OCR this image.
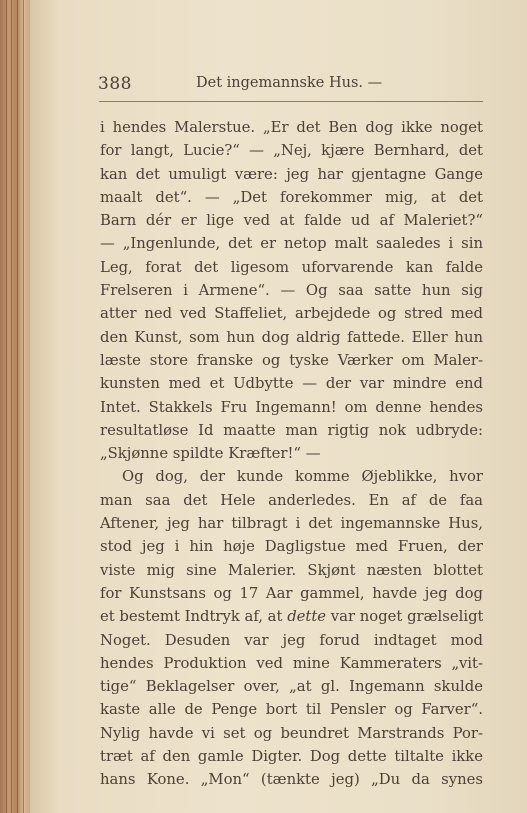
388	Det ingemannske Hus. —
i hendes Malerstue. „Er det Ben dog ikke noget
for langt, Lucie?“ — „Nej, kjære Bernhard, det
kan det umuligt være: jeg har gjentagne Gange
maalt det“. — „Det forekommer mig, at det
Barn dér er lige ved at falde ud af Maleriet?“
— „Ingenlunde, det er netop malt saaledes i sin
Leg, forat det ligesom uforvarende kan falde
Frelseren i Armene“. — Og saa satte hun sig
atter ned ved Staffeliet, arbejdede og stred med
den Kunst, som hun dog aldrig fattede. Eller hun
læste store franske og tyske Værker om Maler-
kunsten med et Udbytte — der var mindre end
Intet. Stakkels Fru Ingemann! om denne hendes
resultatløse Id maatte man rigtig nok udbryde:
„Skjønne spildte Kræfter!“ —
Og dog, der kunde komme Øjeblikke, hvor
man saa det Hele anderledes. En af de faa
Aftener, jeg har tilbragt i det ingemannske Hus,
stod jeg i hin høje Dagligstue med Fruen, der
viste mig sine Malerier. Skjønt næsten blottet
for Kunstsans og 17 Aar gammel, havde jeg dog
et bestemt Indtryk af, at dette var noget grælseligt
Noget. Desuden var jeg forud indtaget mod
hendes Produktion ved mine Kammeraters „vit-
tige“ Beklagelser over, „at gl. Ingemann skulde
kaste alle de Penge bort til Pensler og Farver“.
Nylig havde vi set og beundret Marstrands Por-
træt af den gamle Digter. Dog dette tiltalte ikke
hans Kone. „Mon“ (tænkte jeg) „Du da synes
